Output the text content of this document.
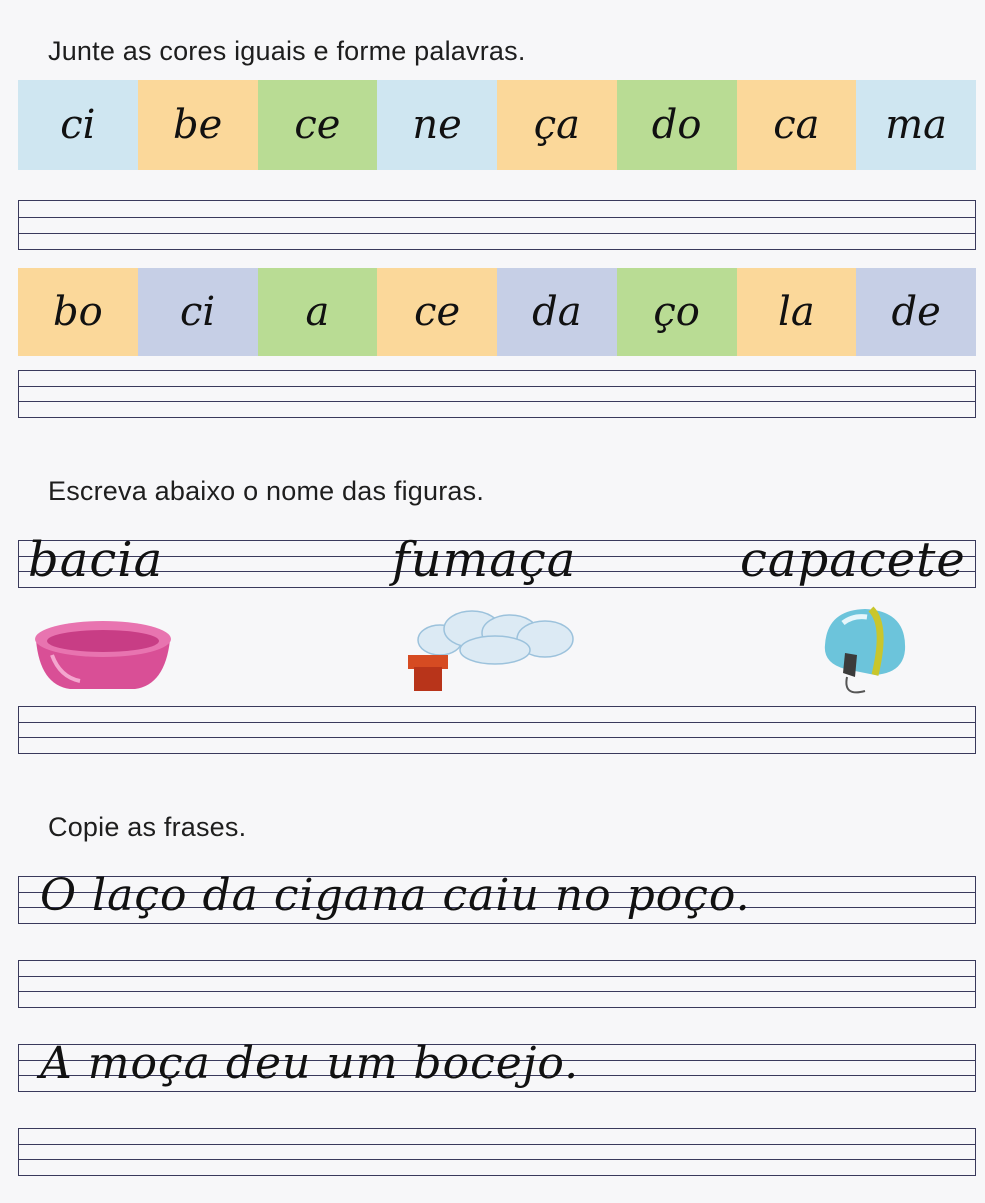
Junte as cores iguais e forme palavras.
ci	be	ce	ne	ça	do	ca	ma
bo	ci	a	ce	da	ço	la	de
Escreva abaixo o nome das figuras.
bacia	fumaça	capacete
Copie as frases.
O laço da cigana caiu no poço.
A moça deu um bocejo.
